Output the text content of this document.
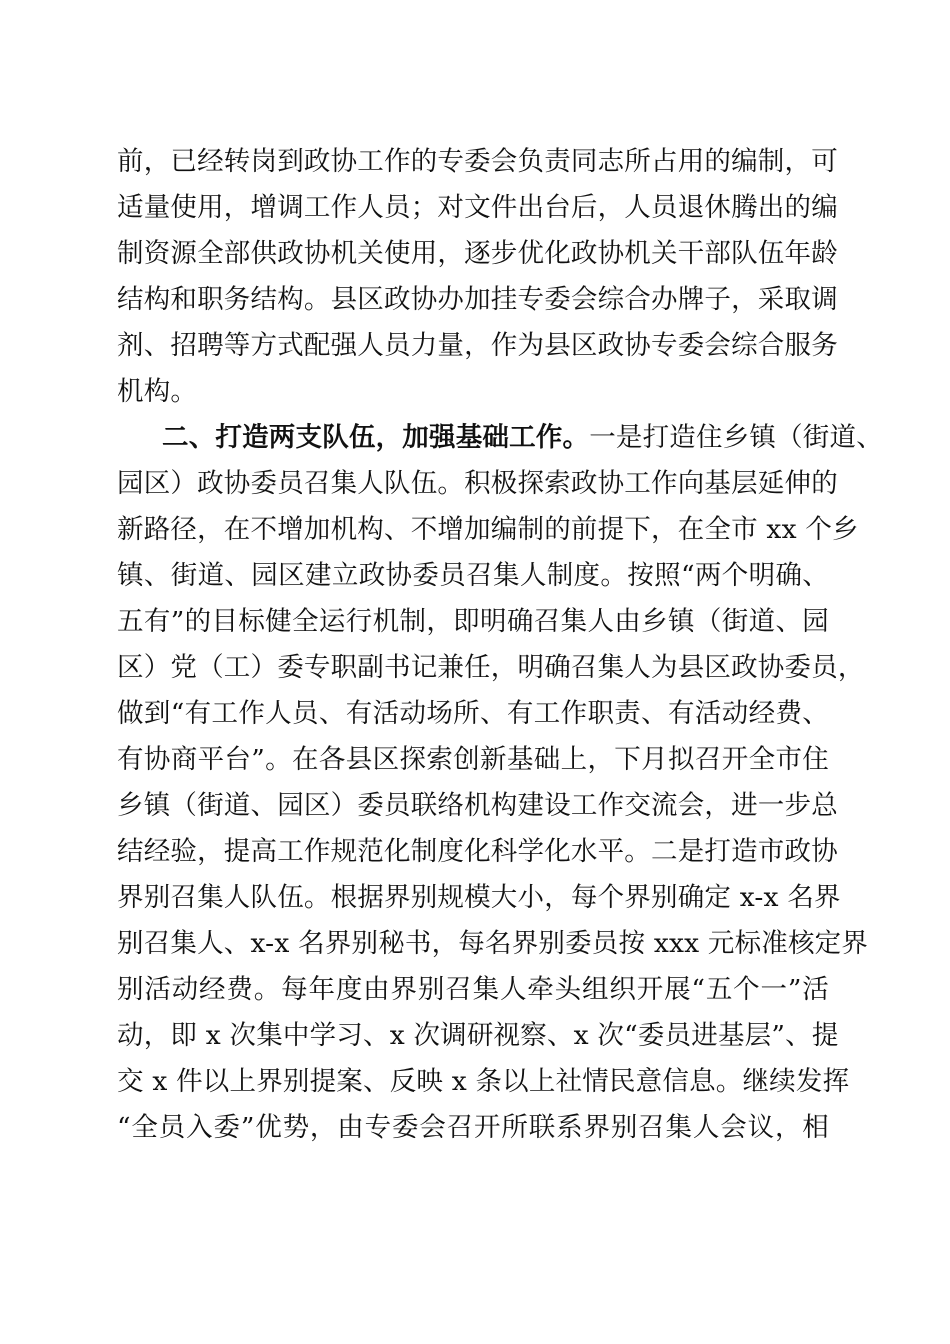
前，已经转岗到政协工作的专委会负责同志所占用的编制，可
适量使用，增调工作人员；对文件出台后，人员退休腾出的编
制资源全部供政协机关使用，逐步优化政协机关干部队伍年龄
结构和职务结构。县区政协办加挂专委会综合办牌子，采取调
剂、招聘等方式配强人员力量，作为县区政协专委会综合服务
机构。
二、打造两支队伍，加强基础工作。一是打造住乡镇（街道、
园区）政协委员召集人队伍。积极探索政协工作向基层延伸的
新路径，在不增加机构、不增加编制的前提下，在全市 xx 个乡
镇、街道、园区建立政协委员召集人制度。按照“两个明确、
五有”的目标健全运行机制，即明确召集人由乡镇（街道、园
区）党（工）委专职副书记兼任，明确召集人为县区政协委员，
做到“有工作人员、有活动场所、有工作职责、有活动经费、
有协商平台”。在各县区探索创新基础上，下月拟召开全市住
乡镇（街道、园区）委员联络机构建设工作交流会，进一步总
结经验，提高工作规范化制度化科学化水平。二是打造市政协
界别召集人队伍。根据界别规模大小，每个界别确定 x-x 名界
别召集人、x-x 名界别秘书，每名界别委员按 xxx 元标准核定界
别活动经费。每年度由界别召集人牵头组织开展“五个一”活
动，即 x 次集中学习、x 次调研视察、x 次“委员进基层”、提
交 x 件以上界别提案、反映 x 条以上社情民意信息。继续发挥
“全员入委”优势，由专委会召开所联系界别召集人会议，相
